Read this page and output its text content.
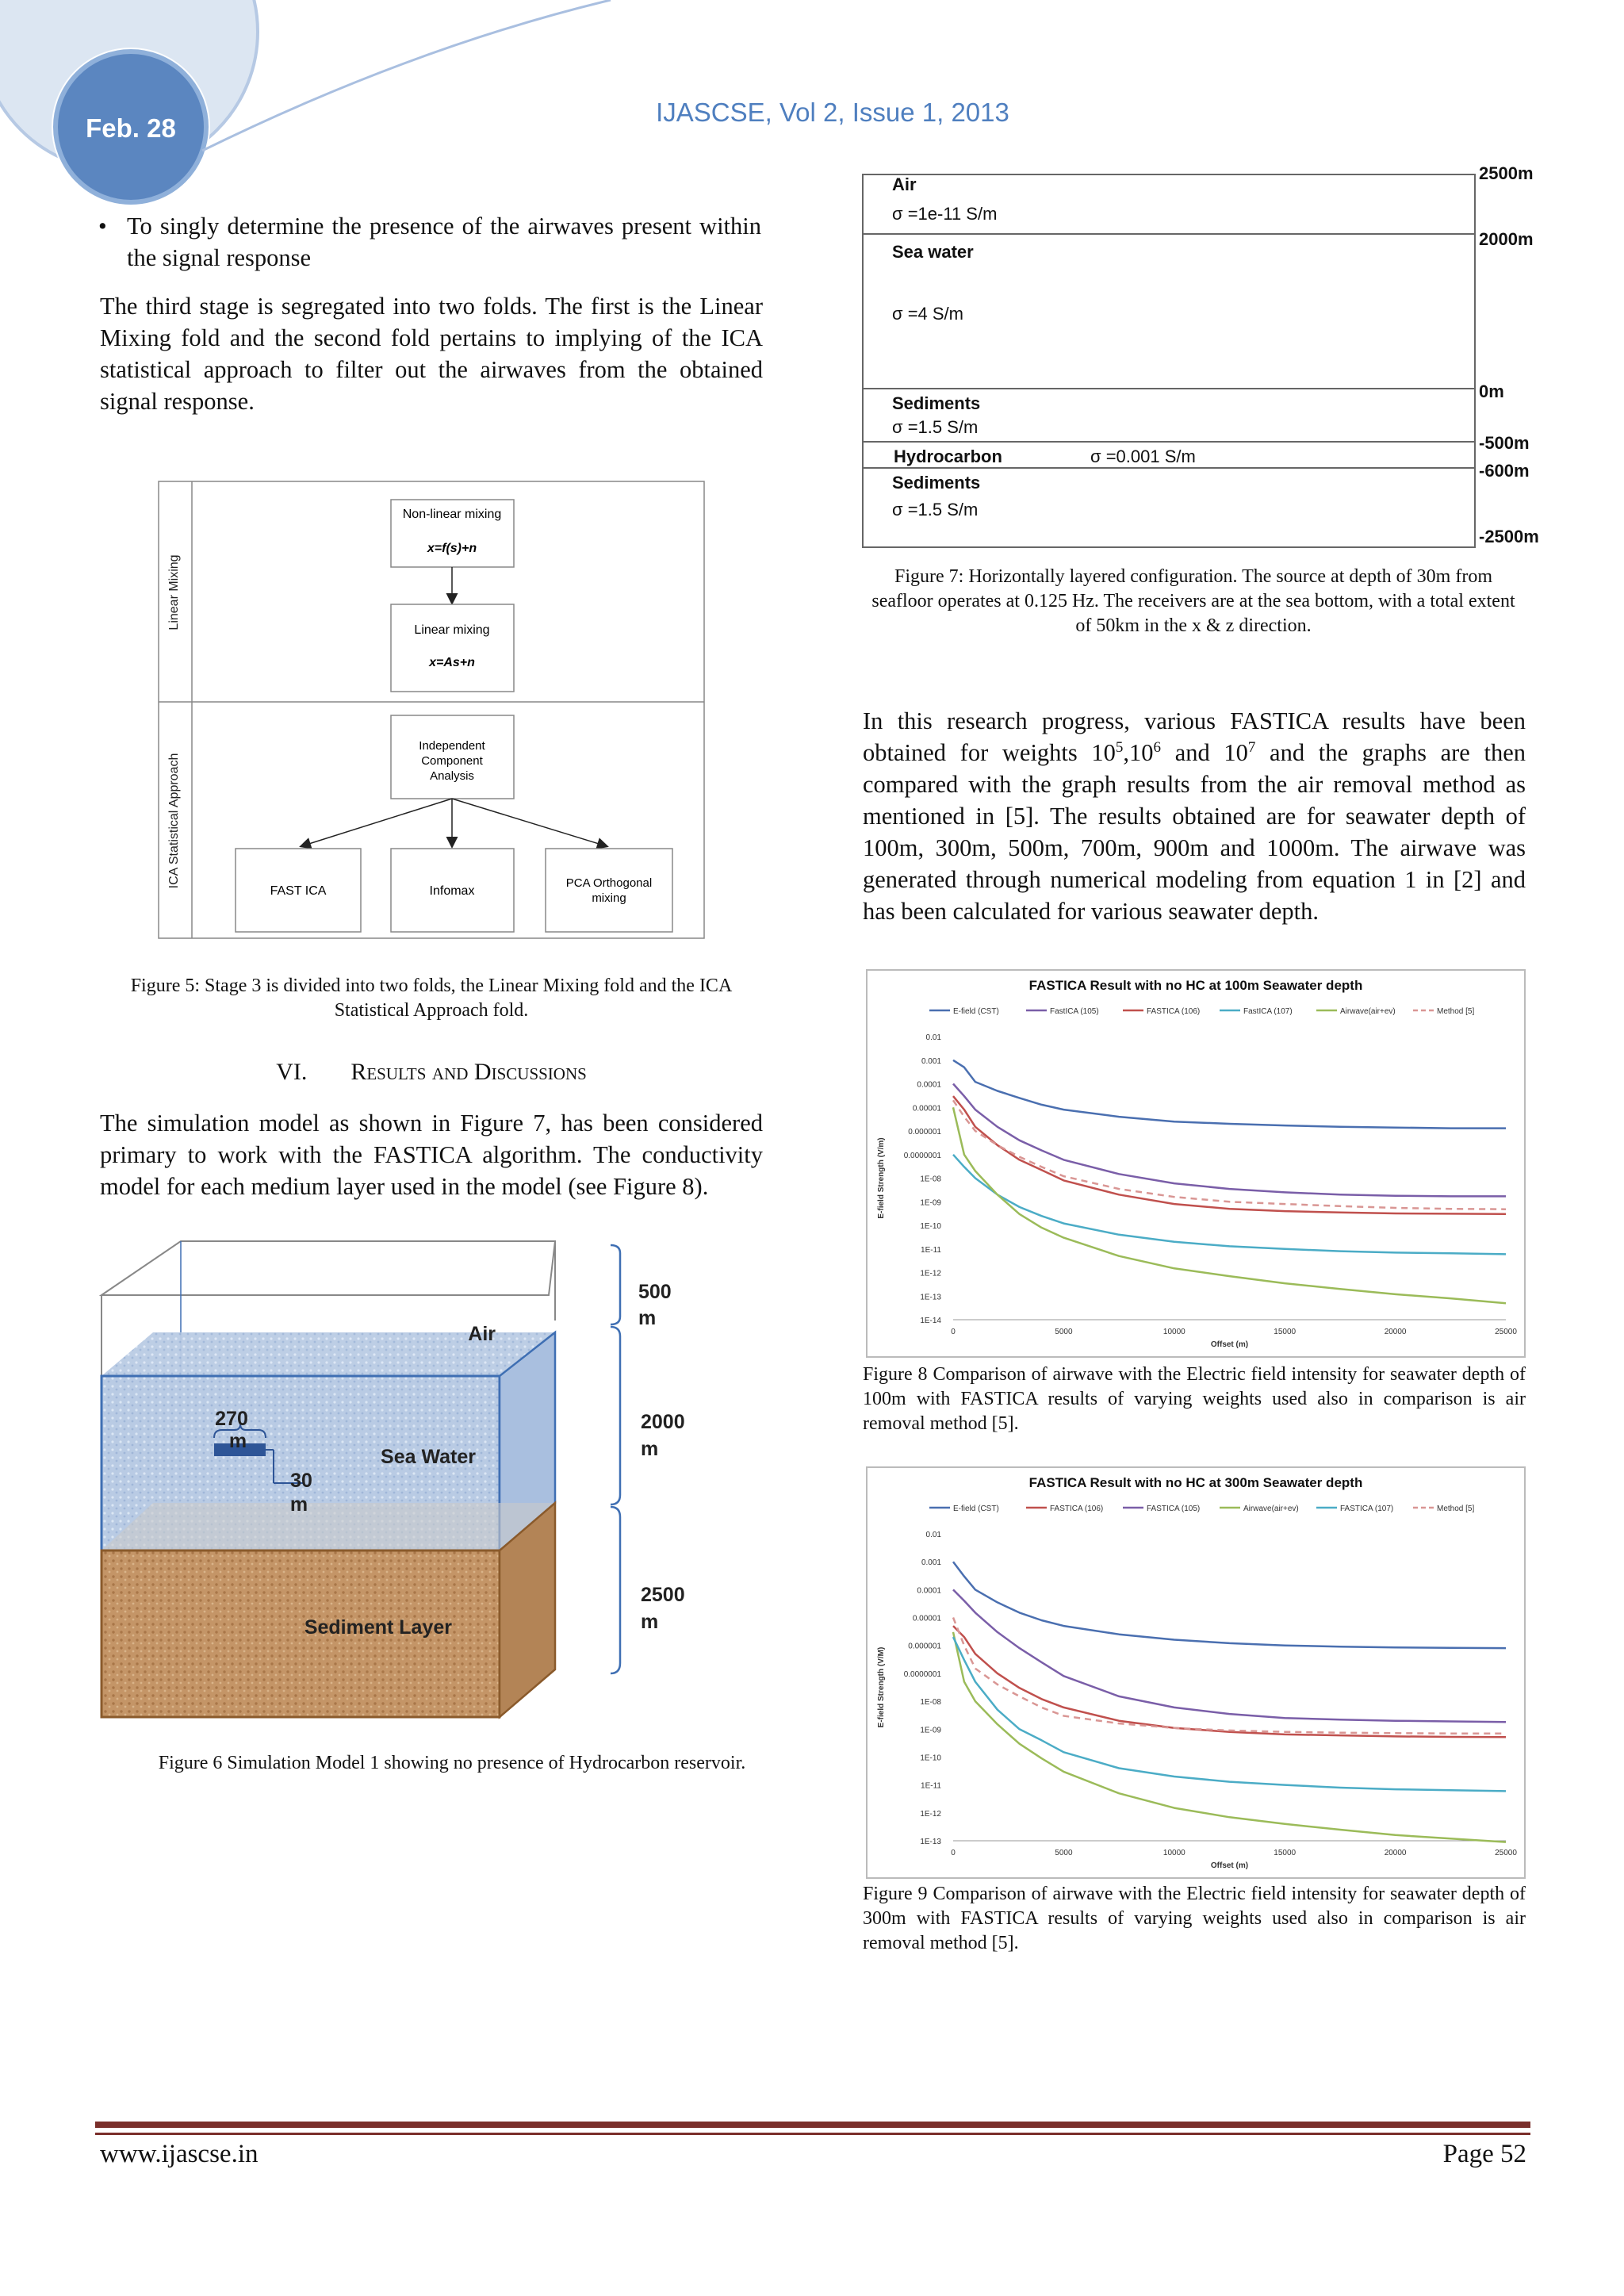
Feb. 28
IJASCSE, Vol 2, Issue 1, 2013
• To singly determine the presence of the airwaves present within the signal response
The third stage is segregated into two folds. The first is the Linear Mixing fold and the second fold pertains to implying of the ICA statistical approach to filter out the airwaves from the obtained signal response.
Linear Mixing
ICA Statistical Approach
Non-linear mixing
x=f(s)+n
Linear mixing
x=As+n
Independent
Component
Analysis
FAST ICA	Infomax
PCA Orthogonal
mixing
Figure 5: Stage 3 is divided into two folds, the Linear Mixing fold and the ICA Statistical Approach fold.
VI. Results and Discussions
The simulation model as shown in Figure 7, has been considered primary to work with the FASTICA algorithm. The conductivity model for each medium layer used in the model (see Figure 8).
Air
Sea Water
Sediment Layer
270
m
30
m
500
m
2000
m
2500
m
Figure 6 Simulation Model 1 showing no presence of Hydrocarbon reservoir.
Air
σ =1e-11 S/m
Sea water
σ =4 S/m
Sediments
σ =1.5 S/m
Hydrocarbon	σ =0.001 S/m
Sediments
σ =1.5 S/m
2500m
2000m
0m
-500m
-600m
-2500m
Figure 7: Horizontally layered configuration. The source at depth of 30m from seafloor operates at 0.125 Hz. The receivers are at the sea bottom, with a total extent of 50km in the x & z direction.
In this research progress, various FASTICA results have been obtained for weights $10^5,10^6$ and $10^7$ and the graphs are then compared with the graph results from the air removal method as mentioned in [5]. The results obtained are for seawater depth of 100m, 300m, 500m, 700m, 900m and 1000m. The airwave was generated through numerical modeling from equation 1 in [2] and has been calculated for various seawater depth.
FASTICA Result with no HC at 100m Seawater depth
E-field (CST)	FastICA (105)	FASTICA (106)	FastICA (107)	Airwave(air+ev)	Method [5]
0.01
0.001
0.0001
0.00001
0.000001
0.0000001
1E-08
1E-09
1E-10
1E-11
1E-12
1E-13
1E-14
0	5000	10000	15000	20000	25000
Offset (m)
E-field Strength (V/m)
Figure 8 Comparison of airwave with the Electric field intensity for seawater depth of 100m with FASTICA results of varying weights used also in comparison is air removal method [5].
FASTICA Result with no HC at 300m Seawater depth
E-field (CST)	FASTICA (106)	FASTICA (105)	Airwave(air+ev)	FASTICA (107)	Method [5]
0.01
0.001
0.0001
0.00001
0.000001
0.0000001
1E-08
1E-09
1E-10
1E-11
1E-12
1E-13
0	5000	10000	15000	20000	25000
Offset (m)
E-field Strength (V/M)
Figure 9 Comparison of airwave with the Electric field intensity for seawater depth of 300m with FASTICA results of varying weights used also in comparison is air removal method [5].
www.ijascse.in	Page 52
